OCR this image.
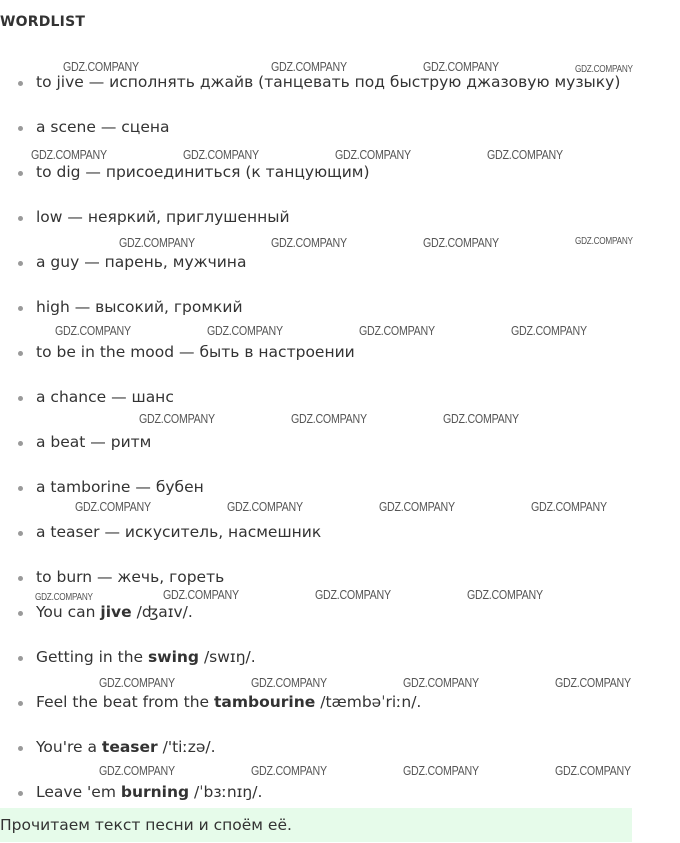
WORDLIST
to jive — исполнять джайв (танцевать под быструю джазовую музыку)
a scene — сцена
to dig — присоединиться (к танцующим)
low — неяркий, приглушенный
a guy — парень, мужчина
high — высокий, громкий
to be in the mood — быть в настроении
a chance — шанс
a beat — ритм
a tamborine — бубен
a teaser — искуситель, насмешник
to burn — жечь, гореть
You can jive /ʤaɪv/.
Getting in the swing /swɪŋ/.
Feel the beat from the tambourine /tæmbəˈriːn/.
You're a teaser /'tiːzə/.
Leave 'em burning /ˈbɜːnɪŋ/.
GDZ.COMPANY	GDZ.COMPANY	GDZ.COMPANY	GDZ.COMPANY
GDZ.COMPANY	GDZ.COMPANY	GDZ.COMPANY	GDZ.COMPANY
GDZ.COMPANY	GDZ.COMPANY	GDZ.COMPANY	GDZ.COMPANY
GDZ.COMPANY	GDZ.COMPANY	GDZ.COMPANY	GDZ.COMPANY
GDZ.COMPANY	GDZ.COMPANY	GDZ.COMPANY
GDZ.COMPANY	GDZ.COMPANY	GDZ.COMPANY	GDZ.COMPANY
GDZ.COMPANY	GDZ.COMPANY	GDZ.COMPANY	GDZ.COMPANY
GDZ.COMPANY	GDZ.COMPANY	GDZ.COMPANY	GDZ.COMPANY
GDZ.COMPANY	GDZ.COMPANY	GDZ.COMPANY	GDZ.COMPANY
Прочитаем текст песни и споём её.
